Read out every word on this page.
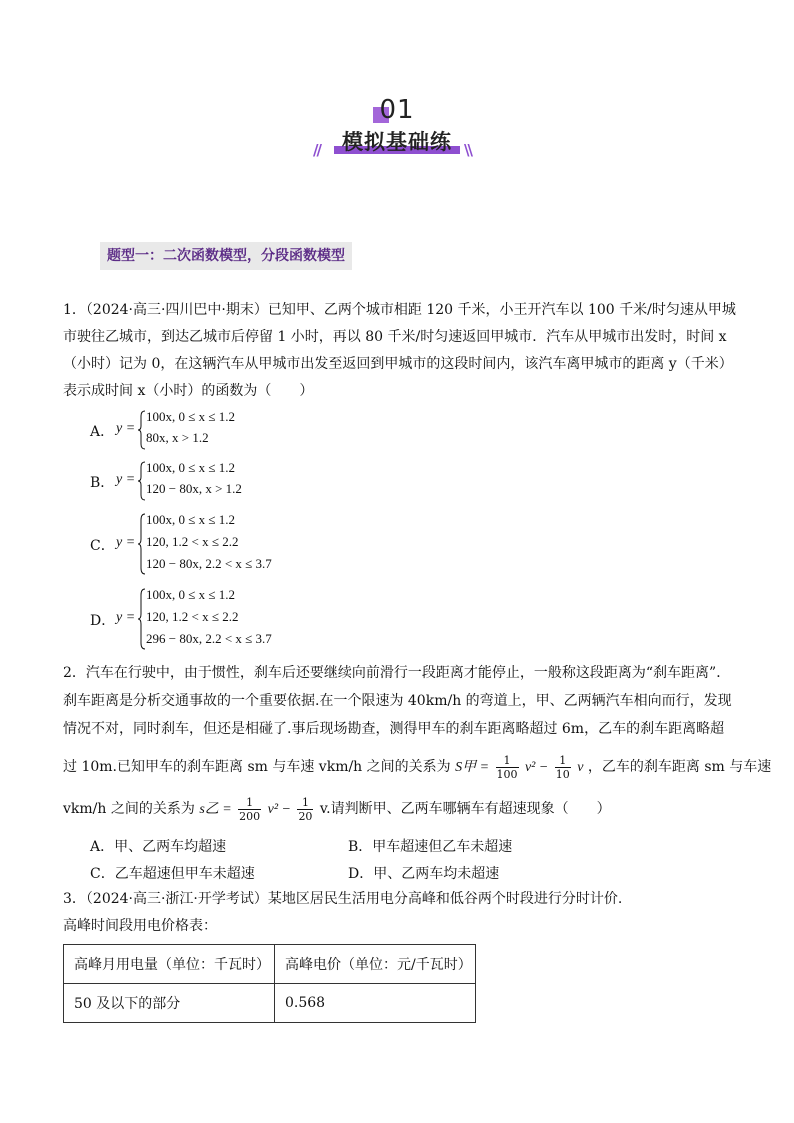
01
模拟基础练
//	\\
题型一：二次函数模型，分段函数模型
1．（2024·高三·四川巴中·期末）已知甲、乙两个城市相距 120 千米，小王开汽车以 100 千米/时匀速从甲城
市驶往乙城市，到达乙城市后停留 1 小时，再以 80 千米/时匀速返回甲城市．汽车从甲城市出发时，时间 x
（小时）记为 0，在这辆汽车从甲城市出发至返回到甲城市的这段时间内，该汽车离甲城市的距离 y（千米）
表示成时间 x（小时）的函数为（　　）
A． y =
100x, 0 ≤ x ≤ 1.2
80x, x > 1.2
B． y =
100x, 0 ≤ x ≤ 1.2
120 − 80x, x > 1.2
C． y =
100x, 0 ≤ x ≤ 1.2
120, 1.2 < x ≤ 2.2
120 − 80x, 2.2 < x ≤ 3.7
D． y =
100x, 0 ≤ x ≤ 1.2
120, 1.2 < x ≤ 2.2
296 − 80x, 2.2 < x ≤ 3.7
2．汽车在行驶中，由于惯性，刹车后还要继续向前滑行一段距离才能停止，一般称这段距离为“刹车距离”．
刹车距离是分析交通事故的一个重要依据.在一个限速为 40km/h 的弯道上，甲、乙两辆汽车相向而行，发现
情况不对，同时刹车，但还是相碰了.事后现场勘查，测得甲车的刹车距离略超过 6m，乙车的刹车距离略超
过 10m.已知甲车的刹车距离 sm 与车速 vkm/h 之间的关系为 S甲 = $\frac{1}{100} v^2 - \frac{1}{10}$ v ，乙车的刹车距离 sm 与车速
vkm/h 之间的关系为 s乙 = $\frac{1}{200} v^2 - \frac{1}{20} v$.请判断甲、乙两车哪辆车有超速现象（　　）
A．甲、乙两车均超速	B．甲车超速但乙车未超速
C．乙车超速但甲车未超速	D．甲、乙两车均未超速
3．（2024·高三·浙江·开学考试）某地区居民生活用电分高峰和低谷两个时段进行分时计价.
高峰时间段用电价格表：
高峰月用电量（单位：千瓦时）	高峰电价（单位：元/千瓦时）
50 及以下的部分	0.568
